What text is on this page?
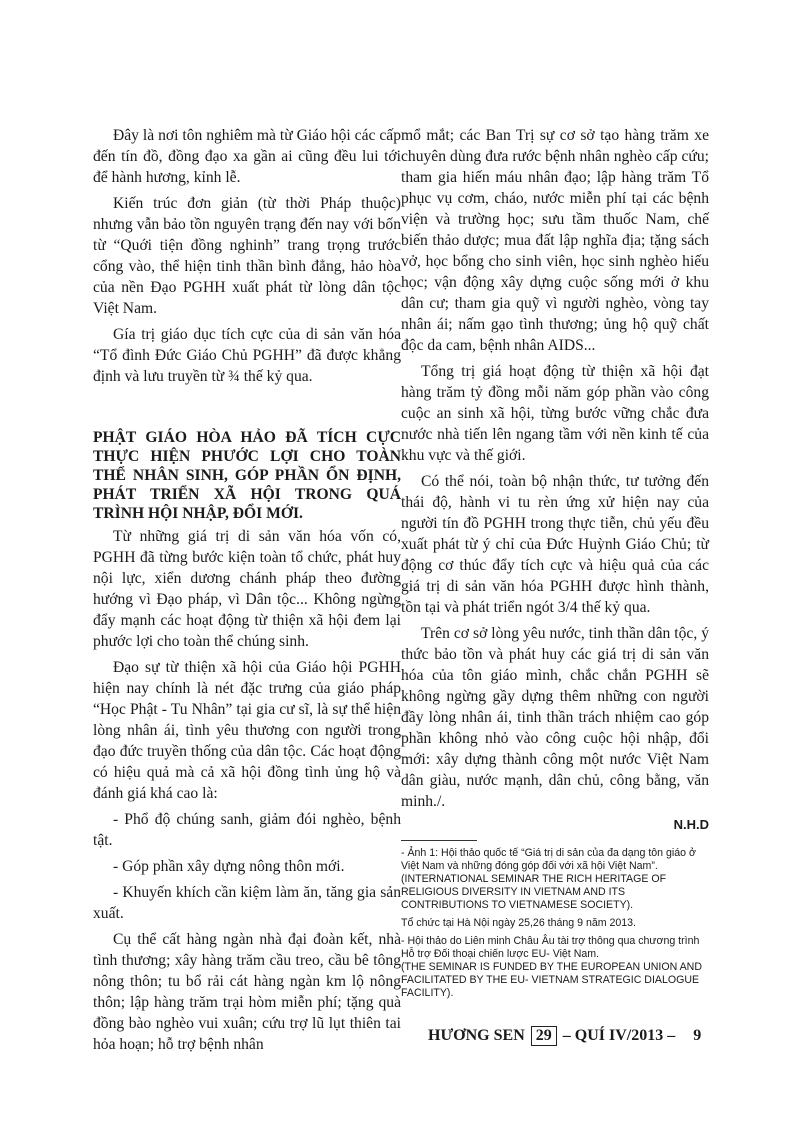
Đây là nơi tôn nghiêm mà từ Giáo hội các cấp đến tín đồ, đồng đạo xa gần ai cũng đều lui tới để hành hương, kỉnh lễ.

Kiến trúc đơn giản (từ thời Pháp thuộc) nhưng vẫn bảo tồn nguyên trạng đến nay với bốn từ “Quới tiện đồng nghinh” trang trọng trước cổng vào, thể hiện tinh thần bình đẳng, hảo hòa của nền Đạo PGHH xuất phát từ lòng dân tộc Việt Nam.

Gía trị giáo dục tích cực của di sản văn hóa “Tổ đình Đức Giáo Chủ PGHH” đã được khẳng định và lưu truyền từ ¾ thế kỷ qua.

PHẬT GIÁO HÒA HẢO ĐÃ TÍCH CỰC THỰC HIỆN PHƯỚC LỢI CHO TOÀN THỂ NHÂN SINH, GÓP PHẦN ỔN ĐỊNH, PHÁT TRIỂN XÃ HỘI TRONG QUÁ TRÌNH HỘI NHẬP, ĐỔI MỚI.

Từ những giá trị di sản văn hóa vốn có, PGHH đã từng bước kiện toàn tổ chức, phát huy nội lực, xiển dương chánh pháp theo đường hướng vì Đạo pháp, vì Dân tộc... Không ngừng đẩy mạnh các hoạt động từ thiện xã hội đem lại phước lợi cho toàn thể chúng sinh.

Đạo sự từ thiện xã hội của Giáo hội PGHH hiện nay chính là nét đặc trưng của giáo pháp “Học Phật - Tu Nhân” tại gia cư sĩ, là sự thể hiện lòng nhân ái, tình yêu thương con người trong đạo đức truyền thống của dân tộc. Các hoạt động có hiệu quả mà cả xã hội đồng tình ủng hộ và đánh giá khá cao là:

- Phổ độ chúng sanh, giảm đói nghèo, bệnh tật.

- Góp phần xây dựng nông thôn mới.

- Khuyến khích cần kiệm làm ăn, tăng gia sản xuất.

Cụ thể cất hàng ngàn nhà đại đoàn kết, nhà tình thương; xây hàng trăm cầu treo, cầu bê tông nông thôn; tu bổ rải cát hàng ngàn km lộ nông thôn; lập hàng trăm trại hòm miễn phí; tặng quà đồng bào nghèo vui xuân; cứu trợ lũ lụt thiên tai hỏa hoạn; hỗ trợ bệnh nhân

mổ mắt; các Ban Trị sự cơ sở tạo hàng trăm xe chuyên dùng đưa rước bệnh nhân nghèo cấp cứu; tham gia hiến máu nhân đạo; lập hàng trăm Tổ phục vụ cơm, cháo, nước miễn phí tại các bệnh viện và trường học; sưu tầm thuốc Nam, chế biến thảo dược; mua đất lập nghĩa địa; tặng sách vở, học bổng cho sinh viên, học sinh nghèo hiếu học; vận động xây dựng cuộc sống mới ở khu dân cư; tham gia quỹ vì người nghèo, vòng tay nhân ái; nấm gạo tình thương; ủng hộ quỹ chất độc da cam, bệnh nhân AIDS...

Tổng trị giá hoạt động từ thiện xã hội đạt hàng trăm tỷ đồng mỗi năm góp phần vào công cuộc an sinh xã hội, từng bước vững chắc đưa nước nhà tiến lên ngang tầm với nền kinh tế của khu vực và thế giới.

Có thể nói, toàn bộ nhận thức, tư tưởng đến thái độ, hành vi tu rèn ứng xử hiện nay của người tín đồ PGHH trong thực tiễn, chủ yếu đều xuất phát từ ý chỉ của Đức Huỳnh Giáo Chủ; từ động cơ thúc đẩy tích cực và hiệu quả của các giá trị di sản văn hóa PGHH được hình thành, tồn tại và phát triển ngót 3/4 thế kỷ qua.

Trên cơ sở lòng yêu nước, tinh thần dân tộc, ý thức bảo tồn và phát huy các giá trị di sản văn hóa của tôn giáo mình, chắc chắn PGHH sẽ không ngừng gầy dựng thêm những con người đầy lòng nhân ái, tinh thần trách nhiệm cao góp phần không nhỏ vào công cuộc hội nhập, đổi mới: xây dựng thành công một nước Việt Nam dân giàu, nước mạnh, dân chủ, công bằng, văn minh./.

N.H.D
- Ảnh 1: Hội thảo quốc tế “Giá trị di sản của đa dạng tôn giáo ở Việt Nam và những đóng góp đối với xã hội Việt Nam”.
(INTERNATIONAL SEMINAR THE RICH HERITAGE OF RELIGIOUS DIVERSITY IN VIETNAM AND ITS CONTRIBUTIONS TO VIETNAMESE SOCIETY).
Tổ chức tại Hà Nội ngày 25,26 tháng 9 năm 2013.
- Hội thảo do Liên minh Châu Âu tài trợ thông qua chương trình Hỗ trợ Đối thoại chiến lược EU- Việt Nam.
(THE SEMINAR IS FUNDED BY THE EUROPEAN UNION AND FACILITATED BY THE EU- VIETNAM STRATEGIC DIALOGUE FACILITY).
HƯƠNG SEN 29 – QUÍ IV/2013 – 9
